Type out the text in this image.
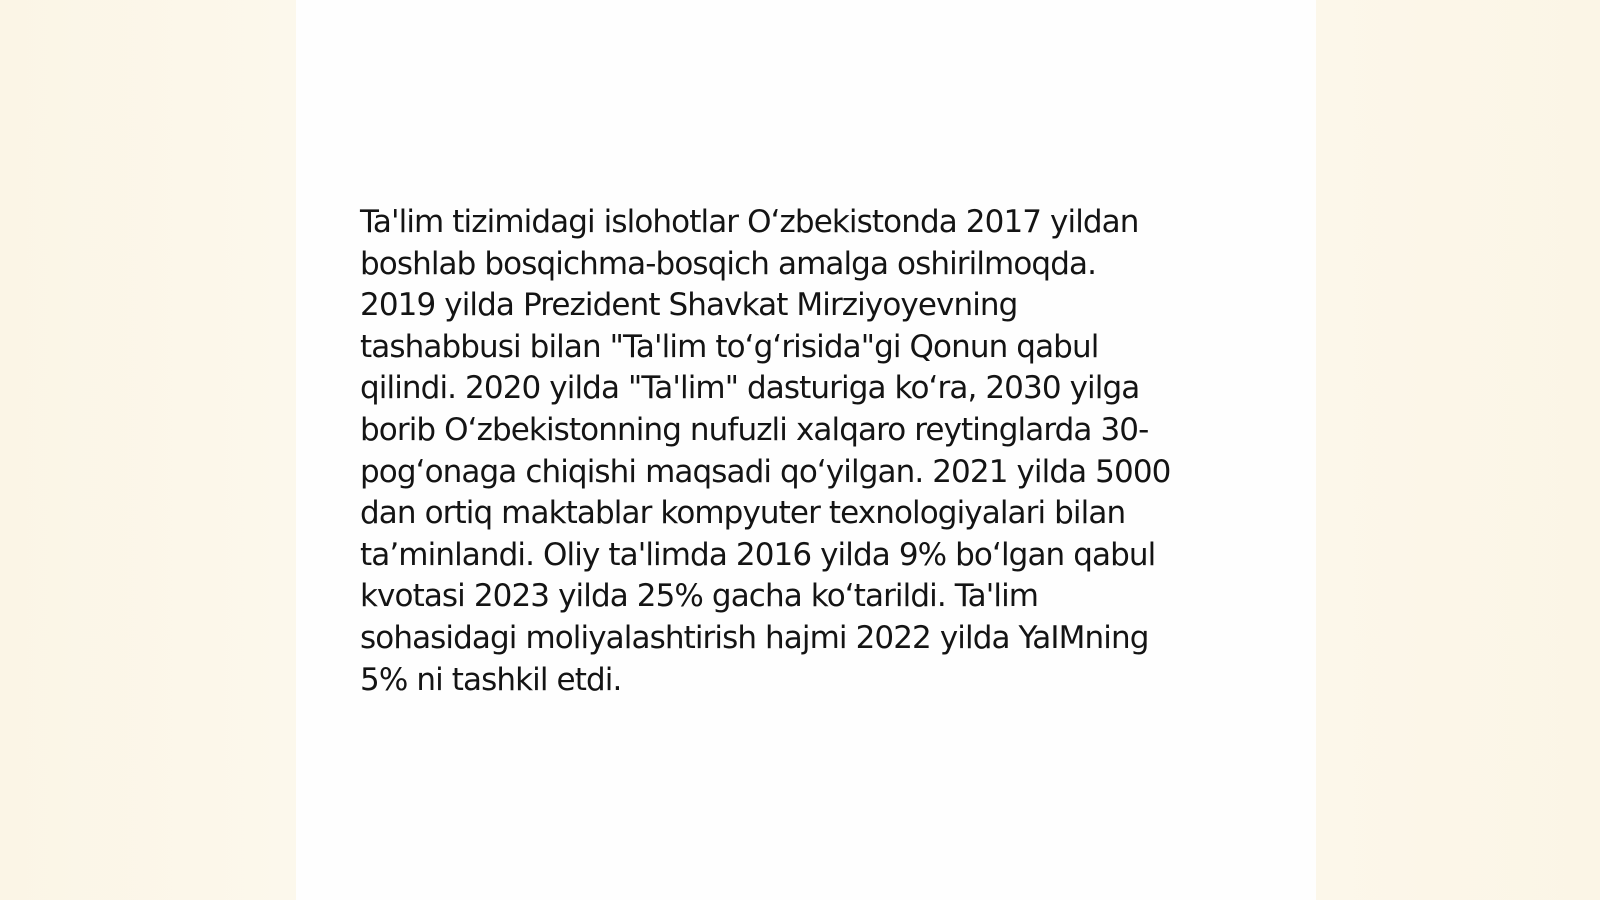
Ta'lim tizimidagi islohotlar O‘zbekistonda 2017 yildan
boshlab bosqichma-bosqich amalga oshirilmoqda.
2019 yilda Prezident Shavkat Mirziyoyevning
tashabbusi bilan "Ta'lim to‘g‘risida"gi Qonun qabul
qilindi. 2020 yilda "Ta'lim" dasturiga ko‘ra, 2030 yilga
borib O‘zbekistonning nufuzli xalqaro reytinglarda 30-
pog‘onaga chiqishi maqsadi qo‘yilgan. 2021 yilda 5000
dan ortiq maktablar kompyuter texnologiyalari bilan
ta’minlandi. Oliy ta'limda 2016 yilda 9% bo‘lgan qabul
kvotasi 2023 yilda 25% gacha ko‘tarildi. Ta'lim
sohasidagi moliyalashtirish hajmi 2022 yilda YaIMning
5% ni tashkil etdi.
